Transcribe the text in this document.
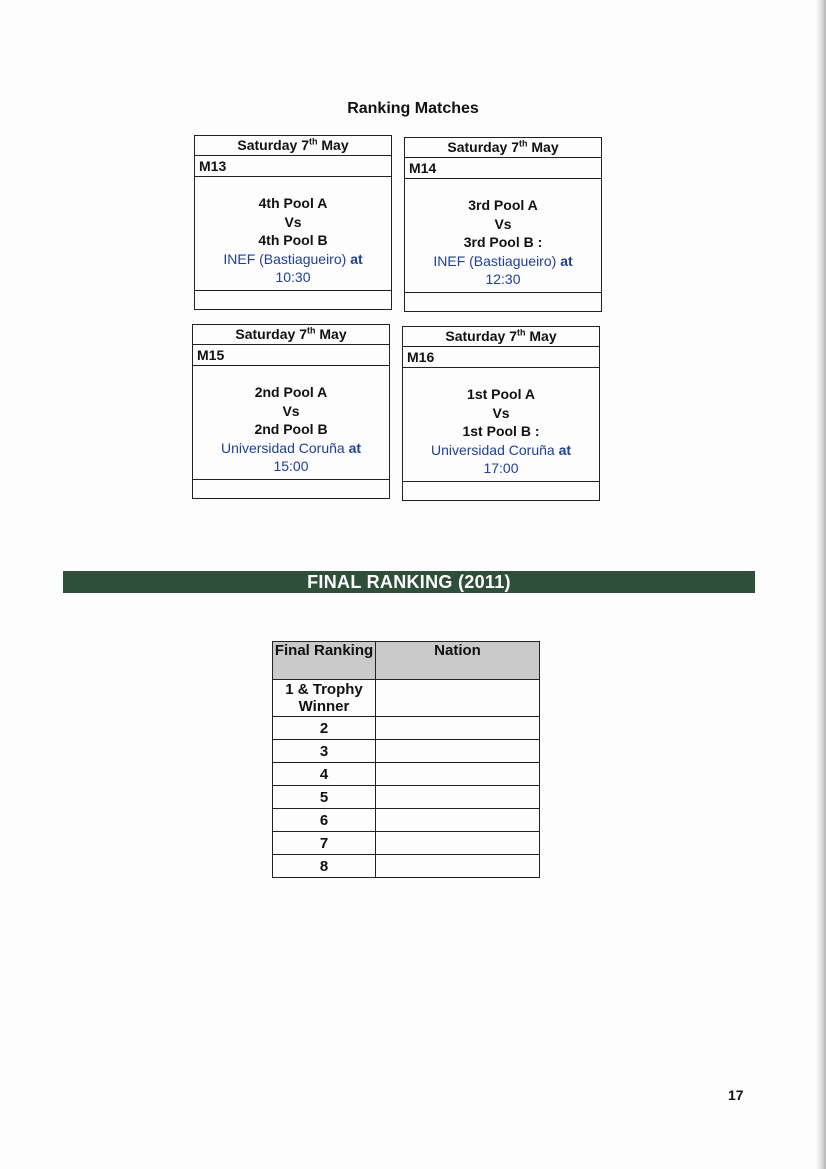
Ranking Matches
Saturday 7th May
M13
4th Pool A
Vs
4th Pool B
INEF (Bastiagueiro) at
10:30
Saturday 7th May
M14
3rd Pool A
Vs
3rd Pool B :
INEF (Bastiagueiro) at
12:30
Saturday 7th May
M15
2nd Pool A
Vs
2nd Pool B
Universidad Coruña at
15:00
Saturday 7th May
M16
1st Pool A
Vs
1st Pool B :
Universidad Coruña at
17:00
FINAL RANKING (2011)
Final Ranking	Nation
1 & Trophy Winner	
2	
3	
4	
5	
6	
7	
8	
17
